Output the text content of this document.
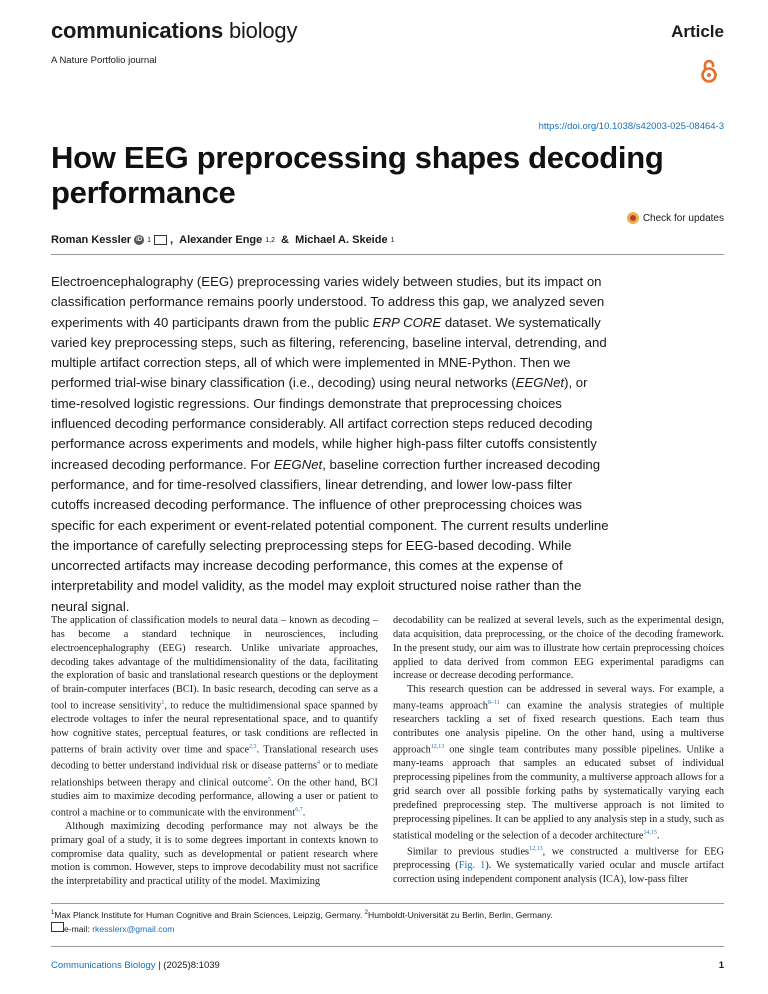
communications biology
A Nature Portfolio journal
Article
https://doi.org/10.1038/s42003-025-08464-3
How EEG preprocessing shapes decoding performance
Check for updates
Roman Kessler iD 1 , Alexander Enge 1,2 & Michael A. Skeide 1
Electroencephalography (EEG) preprocessing varies widely between studies, but its impact on classification performance remains poorly understood. To address this gap, we analyzed seven experiments with 40 participants drawn from the public ERP CORE dataset. We systematically varied key preprocessing steps, such as filtering, referencing, baseline interval, detrending, and multiple artifact correction steps, all of which were implemented in MNE-Python. Then we performed trial-wise binary classification (i.e., decoding) using neural networks (EEGNet), or time-resolved logistic regressions. Our findings demonstrate that preprocessing choices influenced decoding performance considerably. All artifact correction steps reduced decoding performance across experiments and models, while higher high-pass filter cutoffs consistently increased decoding performance. For EEGNet, baseline correction further increased decoding performance, and for time-resolved classifiers, linear detrending, and lower low-pass filter cutoffs increased decoding performance. The influence of other preprocessing choices was specific for each experiment or event-related potential component. The current results underline the importance of carefully selecting preprocessing steps for EEG-based decoding. While uncorrected artifacts may increase decoding performance, this comes at the expense of interpretability and model validity, as the model may exploit structured noise rather than the neural signal.

The application of classification models to neural data – known as decoding – has become a standard technique in neurosciences, including electroencephalography (EEG) research. Unlike univariate approaches, decoding takes advantage of the multidimensionality of the data, facilitating the exploration of basic and translational research questions or the deployment of brain-computer interfaces (BCI). In basic research, decoding can serve as a tool to increase sensitivity$^1$, to reduce the multidimensional space spanned by electrode voltages to infer the neural representational space, and to quantify how cognitive states, perceptual features, or task conditions are reflected in patterns of brain activity over time and space$^{2,3}$. Translational research uses decoding to better understand individual risk or disease patterns$^4$ or to mediate relationships between therapy and clinical outcome$^5$. On the other hand, BCI studies aim to maximize decoding performance, allowing a user or patient to control a machine or to communicate with the environment$^{6,7}$.

Although maximizing decoding performance may not always be the primary goal of a study, it is to some degrees important in contexts known to compromise data quality, such as developmental or patient research where motion is common. However, steps to improve decodability must not sacrifice the interpretability and practical utility of the model. Maximizing

decodability can be realized at several levels, such as the experimental design, data acquisition, data preprocessing, or the choice of the decoding framework. In the present study, our aim was to illustrate how certain preprocessing choices applied to data derived from common EEG experimental paradigms can increase or decrease decoding performance.

This research question can be addressed in several ways. For example, a many-teams approach$^{8-11}$ can examine the analysis strategies of multiple researchers tackling a set of fixed research questions. Each team thus contributes one analysis pipeline. On the other hand, using a multiverse approach$^{12,13}$ one single team contributes many possible pipelines. Unlike a many-teams approach that samples an educated subset of individual preprocessing pipelines from the community, a multiverse approach allows for a grid search over all possible forking paths by systematically varying each predefined preprocessing step. The multiverse approach is not limited to preprocessing pipelines. It can be applied to any analysis step in a study, such as statistical modeling or the selection of a decoder architecture$^{14,15}$.

Similar to previous studies$^{12,13}$, we constructed a multiverse for EEG preprocessing (Fig. 1). We systematically varied ocular and muscle artifact correction using independent component analysis (ICA), low-pass filter

$^1$Max Planck Institute for Human Cognitive and Brain Sciences, Leipzig, Germany. $^2$Humboldt-Universität zu Berlin, Berlin, Germany.
e-mail: rkesslerx@gmail.com
Communications Biology | (2025)8:1039	1
